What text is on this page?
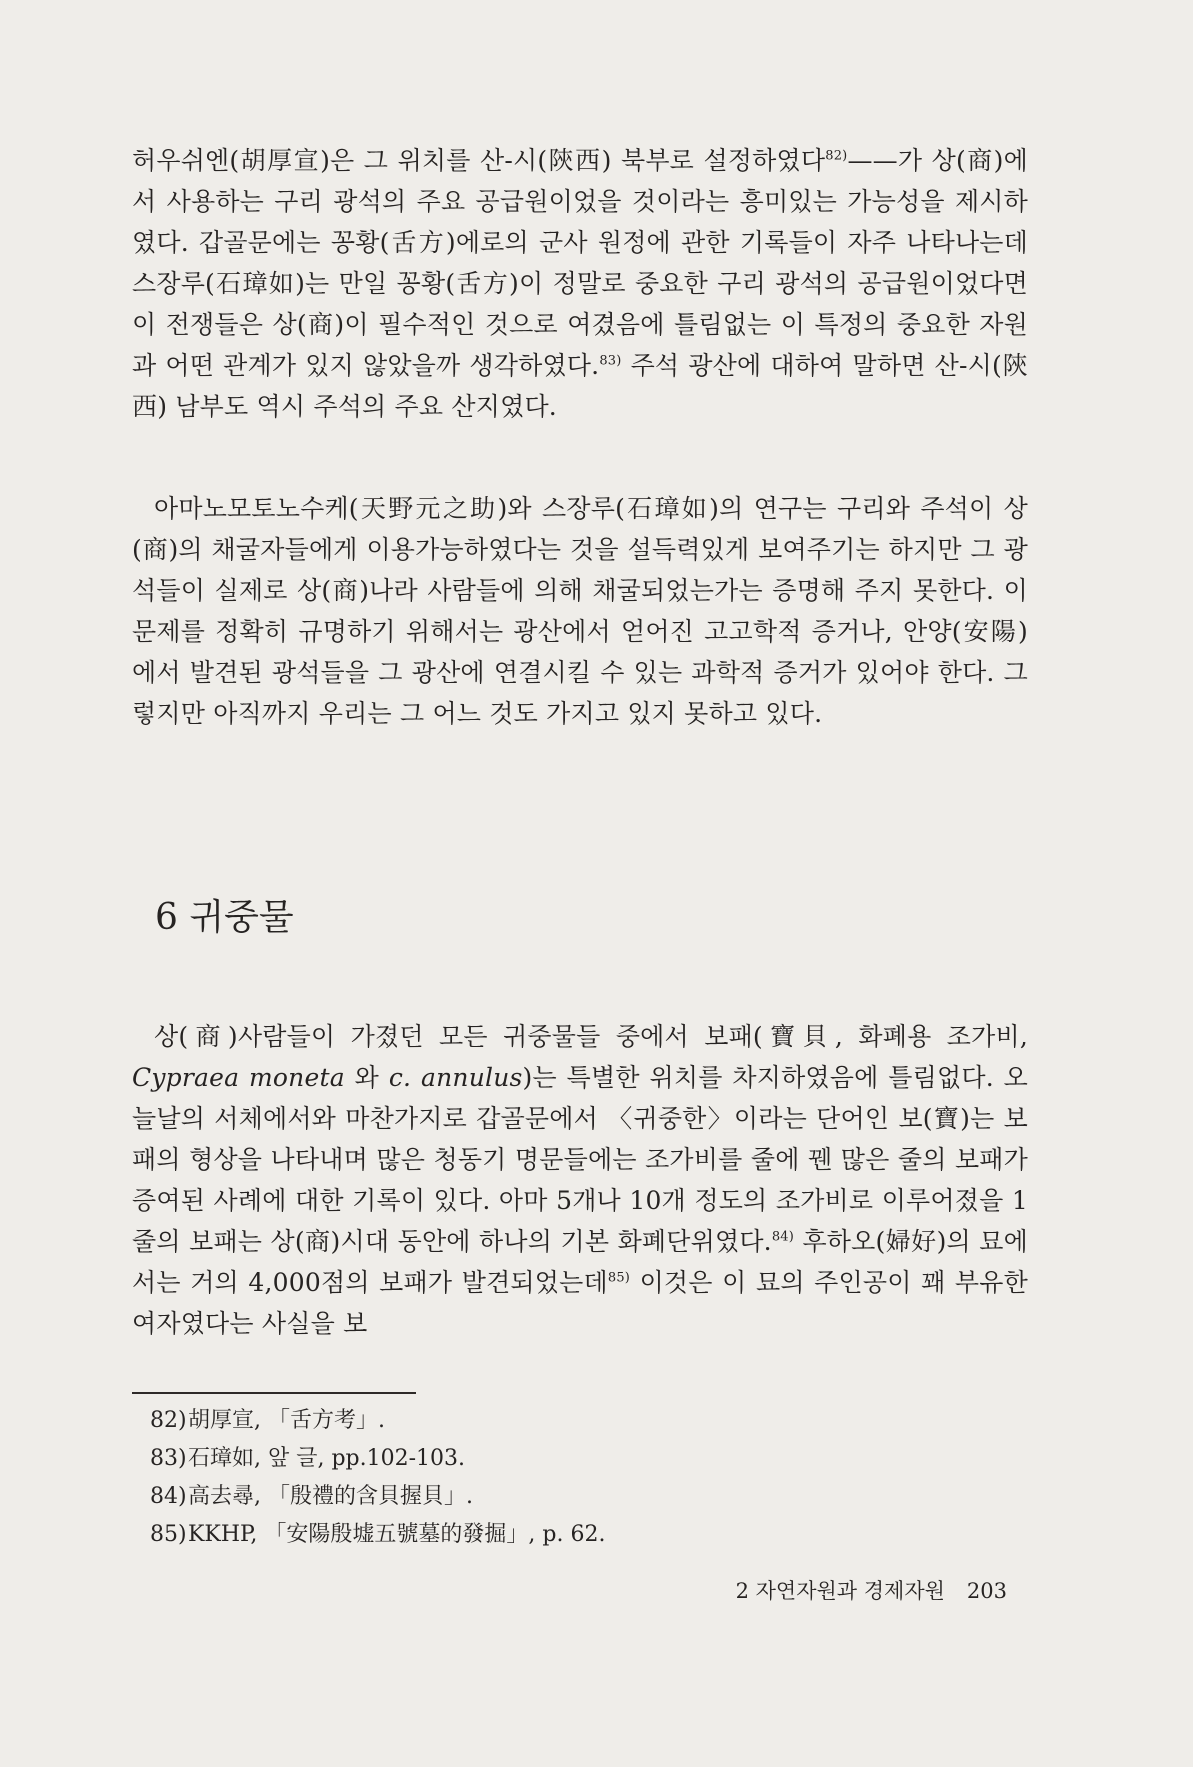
허우쉬엔(胡厚宣)은 그 위치를 산-시(陝西) 북부로 설정하였다$^{82)}$——가 상(商)에서 사용하는 구리 광석의 주요 공급원이었을 것이라는 흥미있는 가능성을 제시하였다. 갑골문에는 꽁황(舌方)에로의 군사 원정에 관한 기록들이 자주 나타나는데 스장루(石璋如)는 만일 꽁황(舌方)이 정말로 중요한 구리 광석의 공급원이었다면 이 전쟁들은 상(商)이 필수적인 것으로 여겼음에 틀림없는 이 특정의 중요한 자원과 어떤 관계가 있지 않았을까 생각하였다.$^{83)}$ 주석 광산에 대하여 말하면 산-시(陝西) 남부도 역시 주석의 주요 산지였다.

아마노모토노수케(天野元之助)와 스장루(石璋如)의 연구는 구리와 주석이 상(商)의 채굴자들에게 이용가능하였다는 것을 설득력있게 보여주기는 하지만 그 광석들이 실제로 상(商)나라 사람들에 의해 채굴되었는가는 증명해 주지 못한다. 이 문제를 정확히 규명하기 위해서는 광산에서 얻어진 고고학적 증거나, 안양(安陽)에서 발견된 광석들을 그 광산에 연결시킬 수 있는 과학적 증거가 있어야 한다. 그렇지만 아직까지 우리는 그 어느 것도 가지고 있지 못하고 있다.

6 귀중물

상(商)사람들이 가졌던 모든 귀중물들 중에서 보패(寶貝, 화폐용 조가비, Cypraea moneta 와 c. annulus)는 특별한 위치를 차지하였음에 틀림없다. 오늘날의 서체에서와 마찬가지로 갑골문에서 〈귀중한〉이라는 단어인 보(寶)는 보패의 형상을 나타내며 많은 청동기 명문들에는 조가비를 줄에 꿴 많은 줄의 보패가 증여된 사례에 대한 기록이 있다. 아마 5개나 10개 정도의 조가비로 이루어졌을 1줄의 보패는 상(商)시대 동안에 하나의 기본 화폐단위였다.$^{84)}$ 후하오(婦好)의 묘에서는 거의 4,000점의 보패가 발견되었는데$^{85)}$ 이것은 이 묘의 주인공이 꽤 부유한 여자였다는 사실을 보

82)胡厚宣, 「舌方考」.
83)石璋如, 앞 글, pp.102-103.
84)高去尋, 「殷禮的含貝握貝」.
85)KKHP, 「安陽殷墟五號墓的發掘」, p. 62.
2 자연자원과 경제자원 203
